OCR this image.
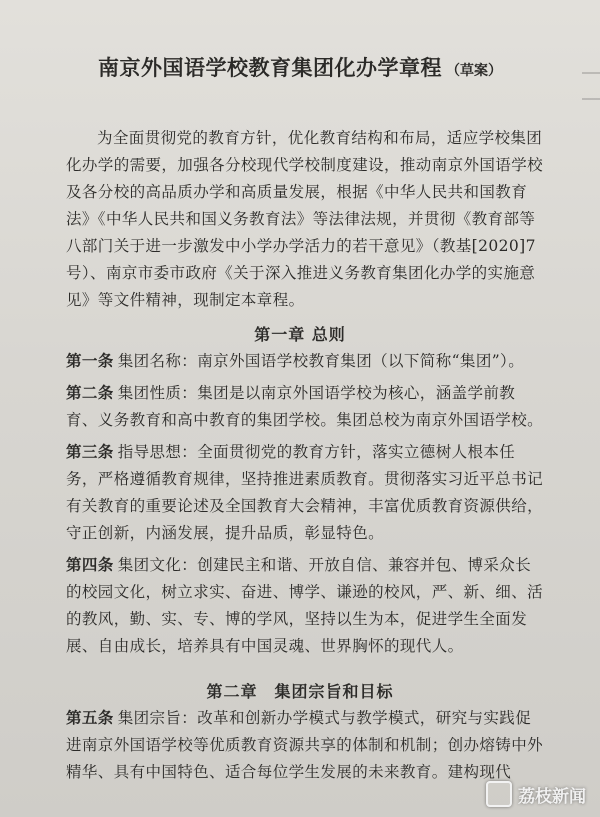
南京外国语学校教育集团化办学章程 （草案）

为全面贯彻党的教育方针，优化教育结构和布局，适应学校集团化办学的需要，加强各分校现代学校制度建设，推动南京外国语学校及各分校的高品质办学和高质量发展，根据《中华人民共和国教育法》《中华人民共和国义务教育法》等法律法规，并贯彻《教育部等八部门关于进一步激发中小学办学活力的若干意见》（教基[2020]7 号）、南京市委市政府《关于深入推进义务教育集团化办学的实施意见》等文件精神，现制定本章程。

第一章 总则

第一条 集团名称：南京外国语学校教育集团（以下简称“集团”）。

第二条 集团性质：集团是以南京外国语学校为核心，涵盖学前教育、义务教育和高中教育的集团学校。集团总校为南京外国语学校。

第三条 指导思想：全面贯彻党的教育方针，落实立德树人根本任务，严格遵循教育规律，坚持推进素质教育。贯彻落实习近平总书记有关教育的重要论述及全国教育大会精神，丰富优质教育资源供给，守正创新，内涵发展，提升品质，彰显特色。

第四条 集团文化：创建民主和谐、开放自信、兼容并包、博采众长的校园文化，树立求实、奋进、博学、谦逊的校风，严、新、细、活的教风，勤、实、专、博的学风，坚持以生为本，促进学生全面发展、自由成长，培养具有中国灵魂、世界胸怀的现代人。

第二章　集团宗旨和目标

第五条 集团宗旨：改革和创新办学模式与教学模式，研究与实践促进南京外国语学校等优质教育资源共享的体制和机制；创办熔铸中外精华、具有中国特色、适合每位学生发展的未来教育。建构现代

荔枝新闻
